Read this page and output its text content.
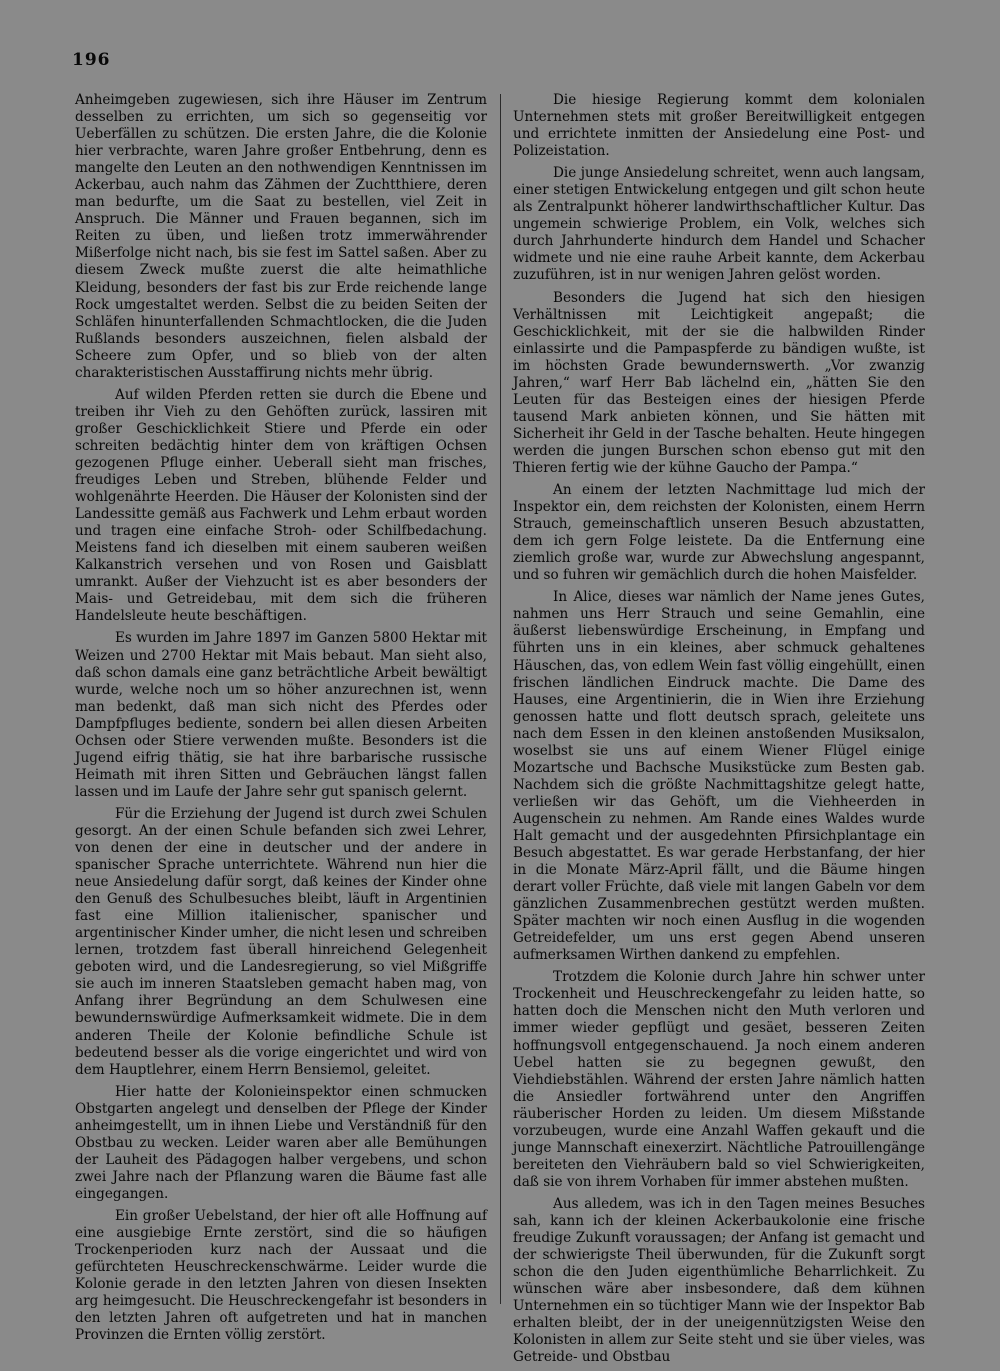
196

Anheimgeben zugewiesen, sich ihre Häuser im Zentrum desselben zu errichten, um sich so gegenseitig vor Ueberfällen zu schützen. Die ersten Jahre, die die Kolonie hier verbrachte, waren Jahre großer Entbehrung, denn es mangelte den Leuten an den nothwendigen Kenntnissen im Ackerbau, auch nahm das Zähmen der Zuchtthiere, deren man bedurfte, um die Saat zu bestellen, viel Zeit in Anspruch. Die Männer und Frauen begannen, sich im Reiten zu üben, und ließen trotz immerwährender Mißerfolge nicht nach, bis sie fest im Sattel saßen. Aber zu diesem Zweck mußte zuerst die alte heimathliche Kleidung, besonders der fast bis zur Erde reichende lange Rock umgestaltet werden. Selbst die zu beiden Seiten der Schläfen hinunterfallenden Schmachtlocken, die die Juden Rußlands besonders auszeichnen, fielen alsbald der Scheere zum Opfer, und so blieb von der alten charakteristischen Ausstaffirung nichts mehr übrig.

Auf wilden Pferden retten sie durch die Ebene und treiben ihr Vieh zu den Gehöften zurück, lassiren mit großer Geschicklichkeit Stiere und Pferde ein oder schreiten bedächtig hinter dem von kräftigen Ochsen gezogenen Pfluge einher. Ueberall sieht man frisches, freudiges Leben und Streben, blühende Felder und wohlgenährte Heerden. Die Häuser der Kolonisten sind der Landessitte gemäß aus Fachwerk und Lehm erbaut worden und tragen eine einfache Stroh- oder Schilfbedachung. Meistens fand ich dieselben mit einem sauberen weißen Kalkanstrich versehen und von Rosen und Gaisblatt umrankt. Außer der Viehzucht ist es aber besonders der Mais- und Getreidebau, mit dem sich die früheren Handelsleute heute beschäftigen.

Es wurden im Jahre 1897 im Ganzen 5800 Hektar mit Weizen und 2700 Hektar mit Mais bebaut. Man sieht also, daß schon damals eine ganz beträchtliche Arbeit bewältigt wurde, welche noch um so höher anzurechnen ist, wenn man bedenkt, daß man sich nicht des Pferdes oder Dampfpfluges bediente, sondern bei allen diesen Arbeiten Ochsen oder Stiere verwenden mußte. Besonders ist die Jugend eifrig thätig, sie hat ihre barbarische russische Heimath mit ihren Sitten und Gebräuchen längst fallen lassen und im Laufe der Jahre sehr gut spanisch gelernt.

Für die Erziehung der Jugend ist durch zwei Schulen gesorgt. An der einen Schule befanden sich zwei Lehrer, von denen der eine in deutscher und der andere in spanischer Sprache unterrichtete. Während nun hier die neue Ansiedelung dafür sorgt, daß keines der Kinder ohne den Genuß des Schulbesuches bleibt, läuft in Argentinien fast eine Million italienischer, spanischer und argentinischer Kinder umher, die nicht lesen und schreiben lernen, trotzdem fast überall hinreichend Gelegenheit geboten wird, und die Landesregierung, so viel Mißgriffe sie auch im inneren Staatsleben gemacht haben mag, von Anfang ihrer Begründung an dem Schulwesen eine bewundernswürdige Aufmerksamkeit widmete. Die in dem anderen Theile der Kolonie befindliche Schule ist bedeutend besser als die vorige eingerichtet und wird von dem Hauptlehrer, einem Herrn Bensiemol, geleitet.

Hier hatte der Koloniеinspektor einen schmucken Obstgarten angelegt und denselben der Pflege der Kinder anheimgestellt, um in ihnen Liebe und Verständniß für den Obstbau zu wecken. Leider waren aber alle Bemühungen der Lauheit des Pädagogen halber vergebens, und schon zwei Jahre nach der Pflanzung waren die Bäume fast alle eingegangen.

Ein großer Uebelstand, der hier oft alle Hoffnung auf eine ausgiebige Ernte zerstört, sind die so häufigen Trockenperioden kurz nach der Aussaat und die gefürchteten Heuschreckenschwärme. Leider wurde die Kolonie gerade in den letzten Jahren von diesen Insekten arg heimgesucht. Die Heuschreckengefahr ist besonders in den letzten Jahren oft aufgetreten und hat in manchen Provinzen die Ernten völlig zerstört.

Die hiesige Regierung kommt dem kolonialen Unternehmen stets mit großer Bereitwilligkeit entgegen und errichtete inmitten der Ansiedelung eine Post- und Polizeistation.

Die junge Ansiedelung schreitet, wenn auch langsam, einer stetigen Entwickelung entgegen und gilt schon heute als Zentralpunkt höherer landwirthschaftlicher Kultur. Das ungemein schwierige Problem, ein Volk, welches sich durch Jahrhunderte hindurch dem Handel und Schacher widmete und nie eine rauhe Arbeit kannte, dem Ackerbau zuzuführen, ist in nur wenigen Jahren gelöst worden.

Besonders die Jugend hat sich den hiesigen Verhältnissen mit Leichtigkeit angepaßt; die Geschicklichkeit, mit der sie die halbwilden Rinder einlassirte und die Pampaspferde zu bändigen wußte, ist im höchsten Grade bewundernswerth. „Vor zwanzig Jahren,“ warf Herr Bab lächelnd ein, „hätten Sie den Leuten für das Besteigen eines der hiesigen Pferde tausend Mark anbieten können, und Sie hätten mit Sicherheit ihr Geld in der Tasche behalten. Heute hingegen werden die jungen Burschen schon ebenso gut mit den Thieren fertig wie der kühne Gaucho der Pampa.“

An einem der letzten Nachmittage lud mich der Inspektor ein, dem reichsten der Kolonisten, einem Herrn Strauch, gemeinschaftlich unseren Besuch abzustatten, dem ich gern Folge leistete. Da die Entfernung eine ziemlich große war, wurde zur Abwechslung angespannt, und so fuhren wir gemächlich durch die hohen Maisfelder.

In Alice, dieses war nämlich der Name jenes Gutes, nahmen uns Herr Strauch und seine Gemahlin, eine äußerst liebenswürdige Erscheinung, in Empfang und führten uns in ein kleines, aber schmuck gehaltenes Häuschen, das, von edlem Wein fast völlig eingehüllt, einen frischen ländlichen Eindruck machte. Die Dame des Hauses, eine Argentinierin, die in Wien ihre Erziehung genossen hatte und flott deutsch sprach, geleitete uns nach dem Essen in den kleinen anstoßenden Musiksalon, woselbst sie uns auf einem Wiener Flügel einige Mozartsche und Bachsche Musikstücke zum Besten gab. Nachdem sich die größte Nachmittagshitze gelegt hatte, verließen wir das Gehöft, um die Viehheerden in Augenschein zu nehmen. Am Rande eines Waldes wurde Halt gemacht und der ausgedehnten Pfirsichplantage ein Besuch abgestattet. Es war gerade Herbstanfang, der hier in die Monate März-April fällt, und die Bäume hingen derart voller Früchte, daß viele mit langen Gabeln vor dem gänzlichen Zusammenbrechen gestützt werden mußten. Später machten wir noch einen Ausflug in die wogenden Getreidefelder, um uns erst gegen Abend unseren aufmerksamen Wirthen dankend zu empfehlen.

Trotzdem die Kolonie durch Jahre hin schwer unter Trockenheit und Heuschreckengefahr zu leiden hatte, so hatten doch die Menschen nicht den Muth verloren und immer wieder gepflügt und gesäet, besseren Zeiten hoffnungsvoll entgegenschauend. Ja noch einem anderen Uebel hatten sie zu begegnen gewußt, den Viehdiebstählen. Während der ersten Jahre nämlich hatten die Ansiedler fortwährend unter den Angriffen räuberischer Horden zu leiden. Um diesem Mißstande vorzubeugen, wurde eine Anzahl Waffen gekauft und die junge Mannschaft einexerzirt. Nächtliche Patrouillengänge bereiteten den Viehräubern bald so viel Schwierigkeiten, daß sie von ihrem Vorhaben für immer abstehen mußten.

Aus alledem, was ich in den Tagen meines Besuches sah, kann ich der kleinen Ackerbaukolonie eine frische freudige Zukunft voraussagen; der Anfang ist gemacht und der schwierigste Theil überwunden, für die Zukunft sorgt schon die den Juden eigenthümliche Beharrlichkeit. Zu wünschen wäre aber insbesondere, daß dem kühnen Unternehmen ein so tüchtiger Mann wie der Inspektor Bab erhalten bleibt, der in der uneigennützigsten Weise den Kolonisten in allem zur Seite steht und sie über vieles, was Getreide- und Obstbau
